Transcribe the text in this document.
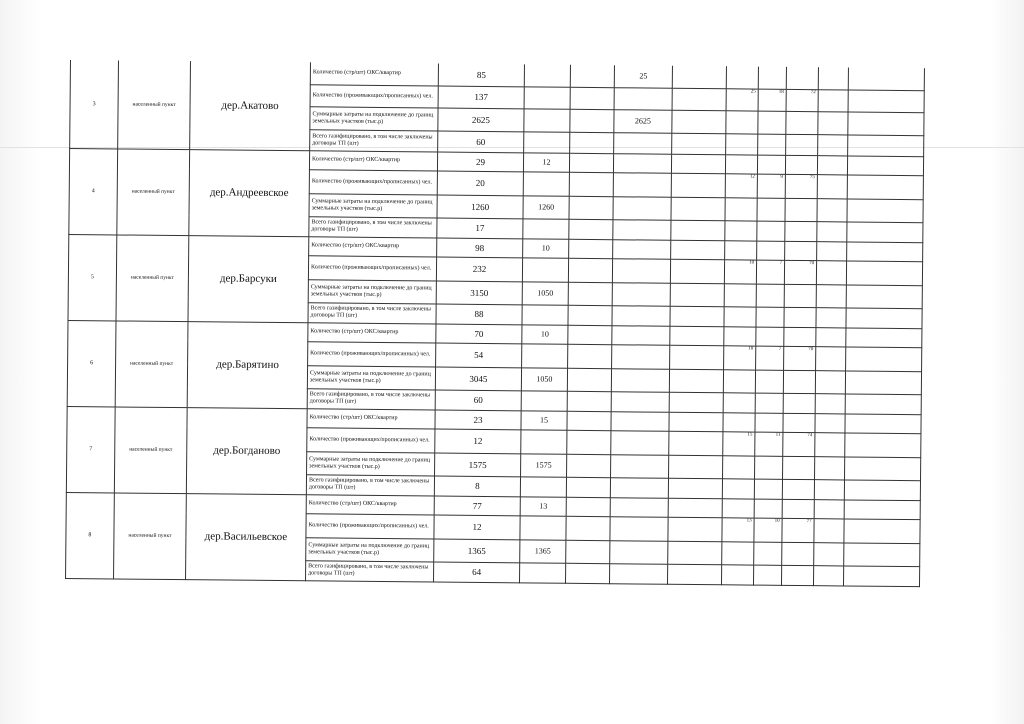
3	населенный пункт	дер.Акатово	Количество (стр/шт) ОКС/квартир	85			25						
			Количество (проживающих/прописанных) чел.	137					25	18	72		
			Суммарные затраты на подключение до границ земельных участков (тыс.р)	2625			2625						
			Всего газифицировано, в том числе заключены договоры ТП (шт)	60									
4	населенный пункт	дер.Андреевское	Количество (стр/шт) ОКС/квартир	29	12								
			Количество (проживающих/прописанных) чел.	20					12	9	75		
			Суммарные затраты на подключение до границ земельных участков (тыс.р)	1260	1260								
			Всего газифицировано, в том числе заключены договоры ТП (шт)	17									
5	населенный пункт	дер.Барсуки	Количество (стр/шт) ОКС/квартир	98	10								
			Количество (проживающих/прописанных) чел.	232					10	7	70		
			Суммарные затраты на подключение до границ земельных участков (тыс.р)	3150	1050								
			Всего газифицировано, в том числе заключены договоры ТП (шт)	88									
6	населенный пункт	дер.Барятино	Количество (стр/шт) ОКС/квартир	70	10								
			Количество (проживающих/прописанных) чел.	54					10	7	70		
			Суммарные затраты на подключение до границ земельных участков (тыс.р)	3045	1050								
			Всего газифицировано, в том числе заключены договоры ТП (шт)	60									
7	населенный пункт	дер.Богданово	Количество (стр/шт) ОКС/квартир	23	15								
			Количество (проживающих/прописанных) чел.	12					15	11	74		
			Суммарные затраты на подключение до границ земельных участков (тыс.р)	1575	1575								
			Всего газифицировано, в том числе заключены договоры ТП (шт)	8									
8	населенный пункт	дер.Васильевское	Количество (стр/шт) ОКС/квартир	77	13								
			Количество (проживающих/прописанных) чел.	12					13	10	77		
			Суммарные затраты на подключение до границ земельных участков (тыс.р)	1365	1365								
			Всего газифицировано, в том числе заключены договоры ТП (шт)	64									
